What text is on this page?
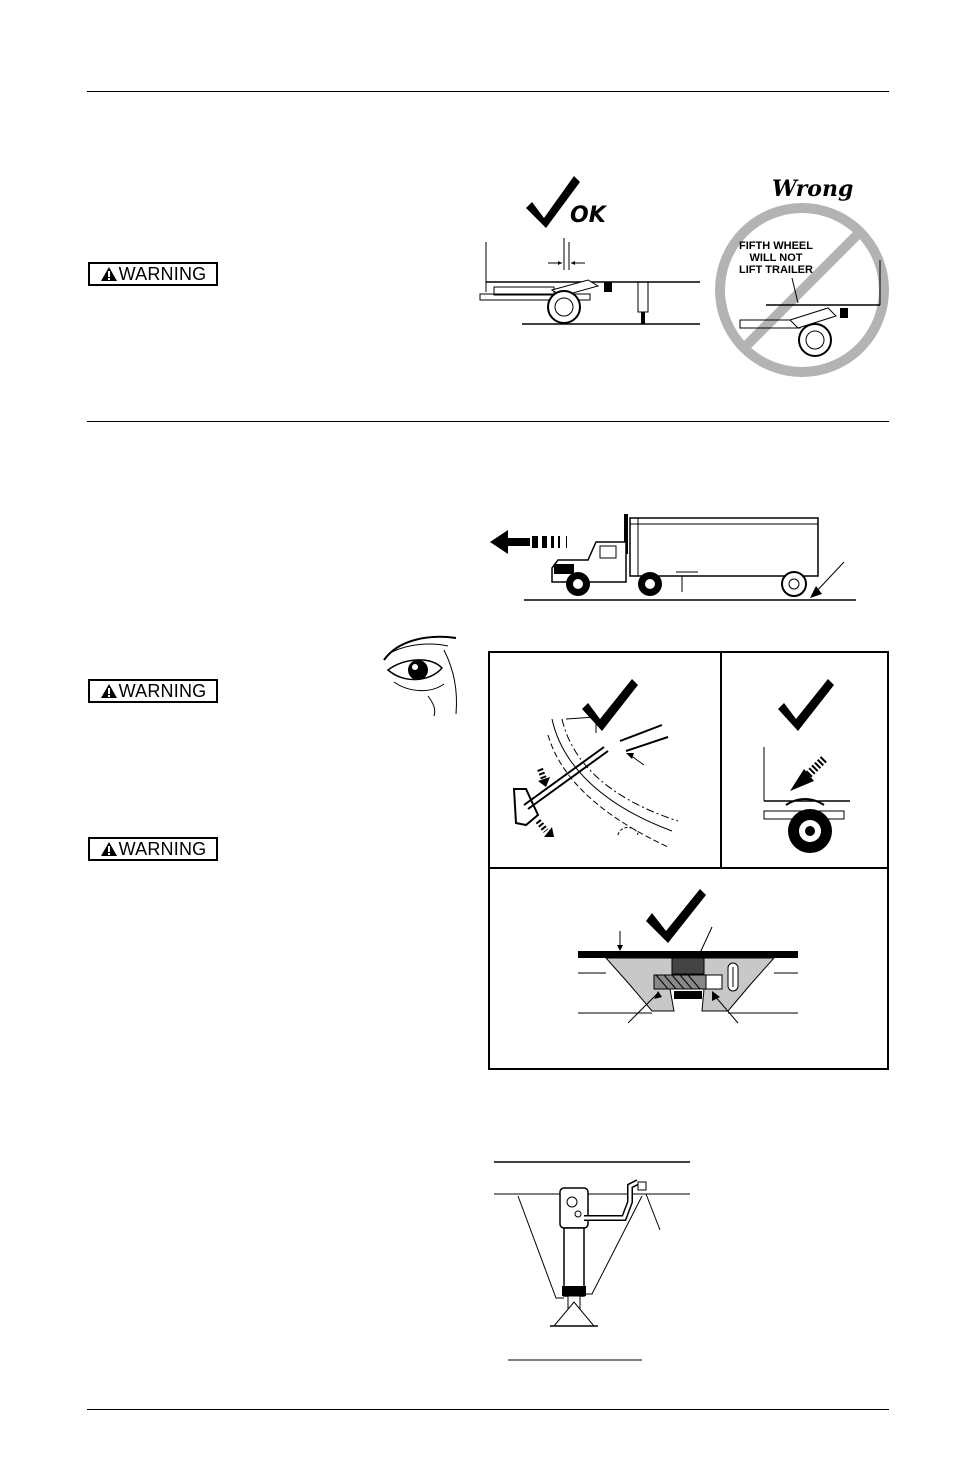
WARNING
WARNING
WARNING
OK
Wrong
FIFTH WHEEL
WILL NOT
LIFT TRAILER
